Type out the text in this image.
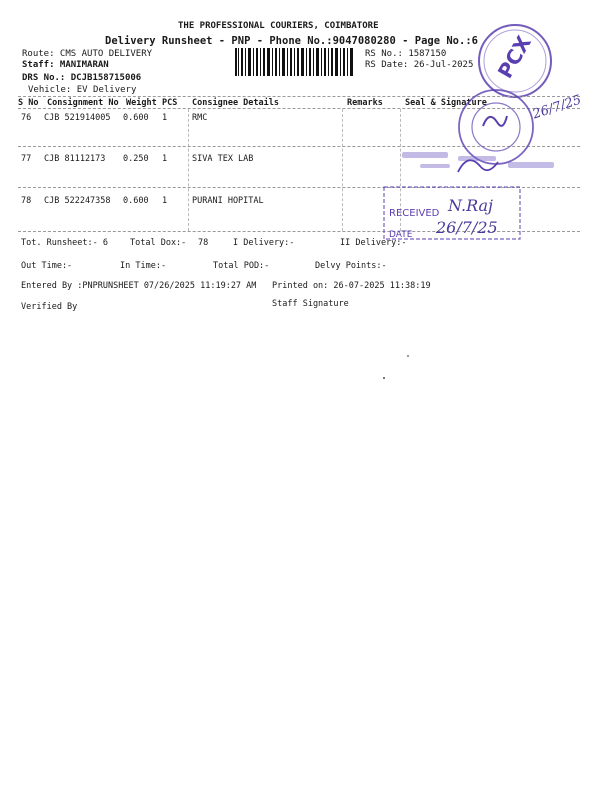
THE PROFESSIONAL COURIERS, COIMBATORE
Delivery Runsheet - PNP - Phone No.:9047080280 - Page No.:6
Route: CMS AUTO DELIVERY
Staff: MANIMARAN
DRS No.: DCJB158715006
Vehicle: EV Delivery
RS No.: 1587150
RS Date: 26-Jul-2025 PCX
S No Consignment No Weight PCS Consignee Details	Remarks	Seal & Signature
76 CJB 521914005 0.600 1	RMC
77 CJB 81112173 0.250 1	SIVA TEX LAB
78 CJB 522247358 0.600 1	PURANI HOPITAL
26/7/25
RECEIVED
DATE
N.Raj
26/7/25
Tot. Runsheet:- 6	Total Dox:- 78	I Delivery:-	II Delivery:-
Out Time:-	In Time:-	Total POD:-	Delvy Points:-
Entered By :PNPRUNSHEET 07/26/2025 11:19:27 AM Printed on: 26-07-2025 11:38:19
Verified By	Staff Signature
